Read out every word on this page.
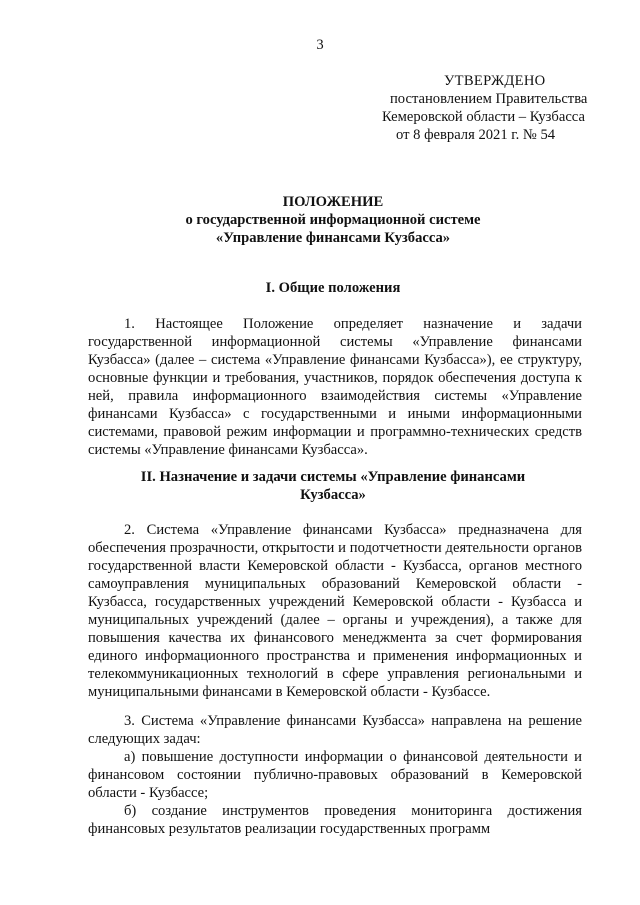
3
УТВЕРЖДЕНО
постановлением Правительства
Кемеровской области – Кузбасса
от 8 февраля 2021 г. № 54
ПОЛОЖЕНИЕ
о государственной информационной системе
«Управление финансами Кузбасса»
I. Общие положения
1. Настоящее Положение определяет назначение и задачи государственной информационной системы «Управление финансами Кузбасса» (далее – система «Управление финансами Кузбасса»), ее структуру, основные функции и требования, участников, порядок обеспечения доступа к ней, правила информационного взаимодействия системы «Управление финансами Кузбасса» с государственными и иными информационными системами, правовой режим информации и программно-технических средств системы «Управление финансами Кузбасса».
II. Назначение и задачи системы «Управление финансами
Кузбасса»
2. Система «Управление финансами Кузбасса» предназначена для обеспечения прозрачности, открытости и подотчетности деятельности органов государственной власти Кемеровской области - Кузбасса, органов местного самоуправления муниципальных образований Кемеровской области - Кузбасса, государственных учреждений Кемеровской области - Кузбасса и муниципальных учреждений (далее – органы и учреждения), а также для повышения качества их финансового менеджмента за счет формирования единого информационного пространства и применения информационных и телекоммуникационных технологий в сфере управления региональными и муниципальными финансами в Кемеровской области - Кузбассе.
3. Система «Управление финансами Кузбасса» направлена на решение следующих задач:
а) повышение доступности информации о финансовой деятельности и финансовом состоянии публично-правовых образований в Кемеровской области - Кузбассе;
б) создание инструментов проведения мониторинга достижения финансовых результатов реализации государственных программ
